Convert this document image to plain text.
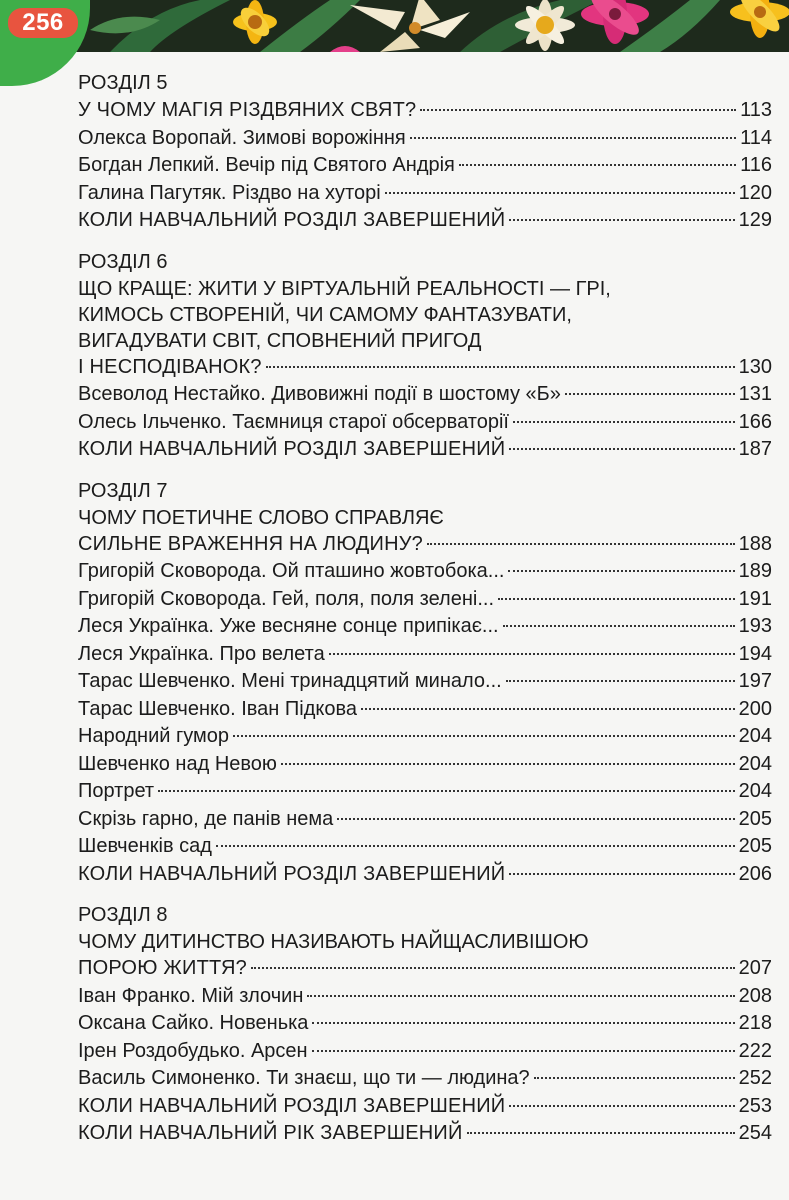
256
РОЗДІЛ 5
У ЧОМУ МАГІЯ РІЗДВЯНИХ СВЯТ?	113
Олекса Воропай. Зимові ворожіння	114
Богдан Лепкий. Вечір під Святого Андрія	116
Галина Пагутяк. Різдво на хуторі	120
КОЛИ НАВЧАЛЬНИЙ РОЗДІЛ ЗАВЕРШЕНИЙ	129
РОЗДІЛ 6
ЩО КРАЩЕ: ЖИТИ У ВІРТУАЛЬНІЙ РЕАЛЬНОСТІ — ГРІ,
КИМОСЬ СТВОРЕНІЙ, ЧИ САМОМУ ФАНТАЗУВАТИ,
ВИГАДУВАТИ СВІТ, СПОВНЕНИЙ ПРИГОД
І НЕСПОДІВАНОК?	130
Всеволод Нестайко. Дивовижні події в шостому «Б»	131
Олесь Ільченко. Таємниця старої обсерваторії	166
КОЛИ НАВЧАЛЬНИЙ РОЗДІЛ ЗАВЕРШЕНИЙ	187
РОЗДІЛ 7
ЧОМУ ПОЕТИЧНЕ СЛОВО СПРАВЛЯЄ
СИЛЬНЕ ВРАЖЕННЯ НА ЛЮДИНУ?	188
Григорій Сковорода. Ой пташино жовтобока...	189
Григорій Сковорода. Гей, поля, поля зелені...	191
Леся Українка. Уже весняне сонце припікає...	193
Леся Українка. Про велета	194
Тарас Шевченко. Мені тринадцятий минало...	197
Тарас Шевченко. Іван Підкова	200
Народний гумор	204
Шевченко над Невою	204
Портрет	204
Скрізь гарно, де панів нема	205
Шевченків сад	205
КОЛИ НАВЧАЛЬНИЙ РОЗДІЛ ЗАВЕРШЕНИЙ	206
РОЗДІЛ 8
ЧОМУ ДИТИНСТВО НАЗИВАЮТЬ НАЙЩАСЛИВІШОЮ
ПОРОЮ ЖИТТЯ?	207
Іван Франко. Мій злочин	208
Оксана Сайко. Новенька	218
Ірен Роздобудько. Арсен	222
Василь Симоненко. Ти знаєш, що ти — людина?	252
КОЛИ НАВЧАЛЬНИЙ РОЗДІЛ ЗАВЕРШЕНИЙ	253
КОЛИ НАВЧАЛЬНИЙ РІК ЗАВЕРШЕНИЙ	254
